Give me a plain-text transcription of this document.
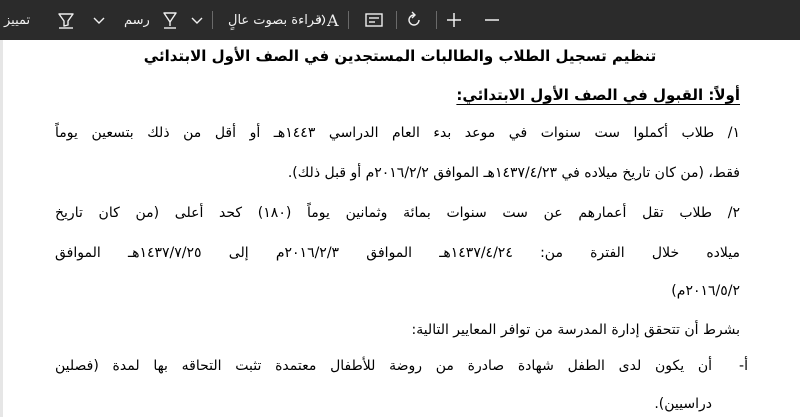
تمييز	رسم	قراءة بصوت عالٍ A
تنظيم تسجيل الطلاب والطالبات المستجدين في الصف الأول الابتدائي
أولاً: القبول في الصف الأول الابتدائي:
١/ طلاب أكملوا ست سنوات في موعد بدء العام الدراسي ١٤٤٣هـ أو أقل من ذلك بتسعين يوماً
فقط، (من كان تاريخ ميلاده في ١٤٣٧/٤/٢٣هـ الموافق ٢٠١٦/٢/٢م أو قبل ذلك).
٢/ طلاب تقل أعمارهم عن ست سنوات بمائة وثمانين يوماً (١٨٠) كحد أعلى (من كان تاريخ
ميلاده خلال الفترة من: ١٤٣٧/٤/٢٤هـ الموافق ٢٠١٦/٢/٣م إلى ١٤٣٧/٧/٢٥هـ الموافق
٢٠١٦/٥/٢م)
بشرط أن تتحقق إدارة المدرسة من توافر المعايير التالية:
أ-
أن يكون لدى الطفل شهادة صادرة من روضة للأطفال معتمدة تثبت التحاقه بها لمدة (فصلين
دراسيين).
